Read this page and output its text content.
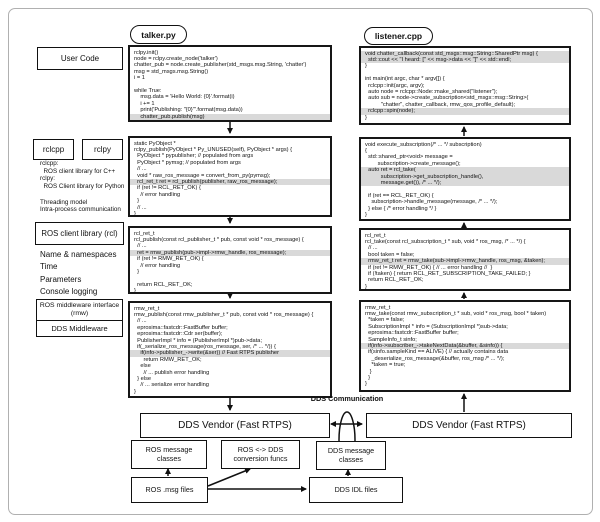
talker.py	listener.cpp
User Code
rclcpp	rclpy
rclcpp:
ROS client library for C++
rclpy:
ROS Client library for Python

Threading model
Intra-process communication
ROS client library (rcl)
Name & namespaces
Time
Parameters
Console logging
ROS middleware interface
(rmw)
DDS Middleware
rclpy.init()
node = rclpy.create_node('talker')
chatter_pub = node.create_publisher(std_msgs.msg.String, 'chatter')
msg = std_msgs.msg.String()
i = 1

while True:
msg.data = 'Hello World: {0}'.format(i)
i += 1
print('Publishing: "{0}"'.format(msg.data))
chatter_pub.publish(msg)
static PyObject *
rclpy_publish(PyObject * Py_UNUSED(self), PyObject * args) {
PyObject * pypublisher; // populated from args
PyObject * pymsg; // populated from args
// ...
void * raw_ros_message = convert_from_py(pymsg);
rcl_ret_t ret = rcl_publish(publisher, raw_ros_message);
if (ret != RCL_RET_OK) {
// error handling
}
// ...
}
rcl_ret_t
rcl_publish(const rcl_publisher_t * pub, const void * ros_message) {
// ...
ret = rmw_publish(pub->impl->rmw_handle, ros_message);
if (ret != RMW_RET_OK) {
// error handling
}

return RCL_RET_OK;
}
rmw_ret_t
rmw_publish(const rmw_publisher_t * pub, const void * ros_message) {
// ...
eprosima::fastcdr::FastBuffer buffer;
eprosima::fastcdr::Cdr ser(buffer);
PublisherImpl * info = (PublisherImpl *)pub->data;
if(_serialize_ros_message(ros_message, ser, /* ... */)) {
if(info->publisher_->write(&ser)) // Fast RTPS publisher
return RMW_RET_OK;
else
// ... publish error handling
} else
// ... serialize error handling
}
void chatter_callback(const std_msgs::msg::String::SharedPtr msg) {
std::cout << "I heard: [" << msg->data << "]" << std::endl;
}

int main(int argc, char * argv[]) {
rclcpp::init(argc, argv);
auto node = rclcpp::Node::make_shared("listener");
auto sub = node->create_subscription<std_msgs::msg::String>(
"chatter", chatter_callback, rmw_qos_profile_default);
rclcpp::spin(node);
}
void execute_subscription(/* ... */ subscription)
{
std::shared_ptr<void> message =
subscription->create_message();
auto ret = rcl_take(
subscription->get_subscription_handle(),
message.get()), /* ... */);

if (ret == RCL_RET_OK) {
subscription->handle_message(message, /* ... */);
} else { /* error handling */ }
}
rcl_ret_t
rcl_take(const rcl_subscription_t * sub, void * ros_msg, /* ... */) {
// ...
bool taken = false;
rmw_ret_t ret = rmw_take(sub->impl->rmw_handle, ros_msg, &taken);
if (ret != RMW_RET_OK) { // ... error handling //  }
if (!taken) { return RCL_RET_SUBSCRIPTION_TAKE_FAILED; }
return RCL_RET_OK;
}
rmw_ret_t
rmw_take(const rmw_subscription_t * sub, void * ros_msg, bool * taken)
*taken = false;
SubscriptionImpl * info = (SubscriptionImpl *)sub->data;
eprosima::fastcdr::FastBuffer buffer;
SampleInfo_t sinfo;
if(info->subscriber_->takeNextData(&buffer, &sinfo)) {
if(sinfo.sampleKind == ALIVE) { // actually contains data
_deserialize_ros_message(&buffer, ros_msg /* ... */);
*taken = true;
}
}
}
DDS Communication
DDS Vendor (Fast RTPS)	DDS Vendor (Fast RTPS)
ROS message
classes
ROS <-> DDS
conversion funcs
DDS message
classes
ROS .msg files	DDS IDL files
